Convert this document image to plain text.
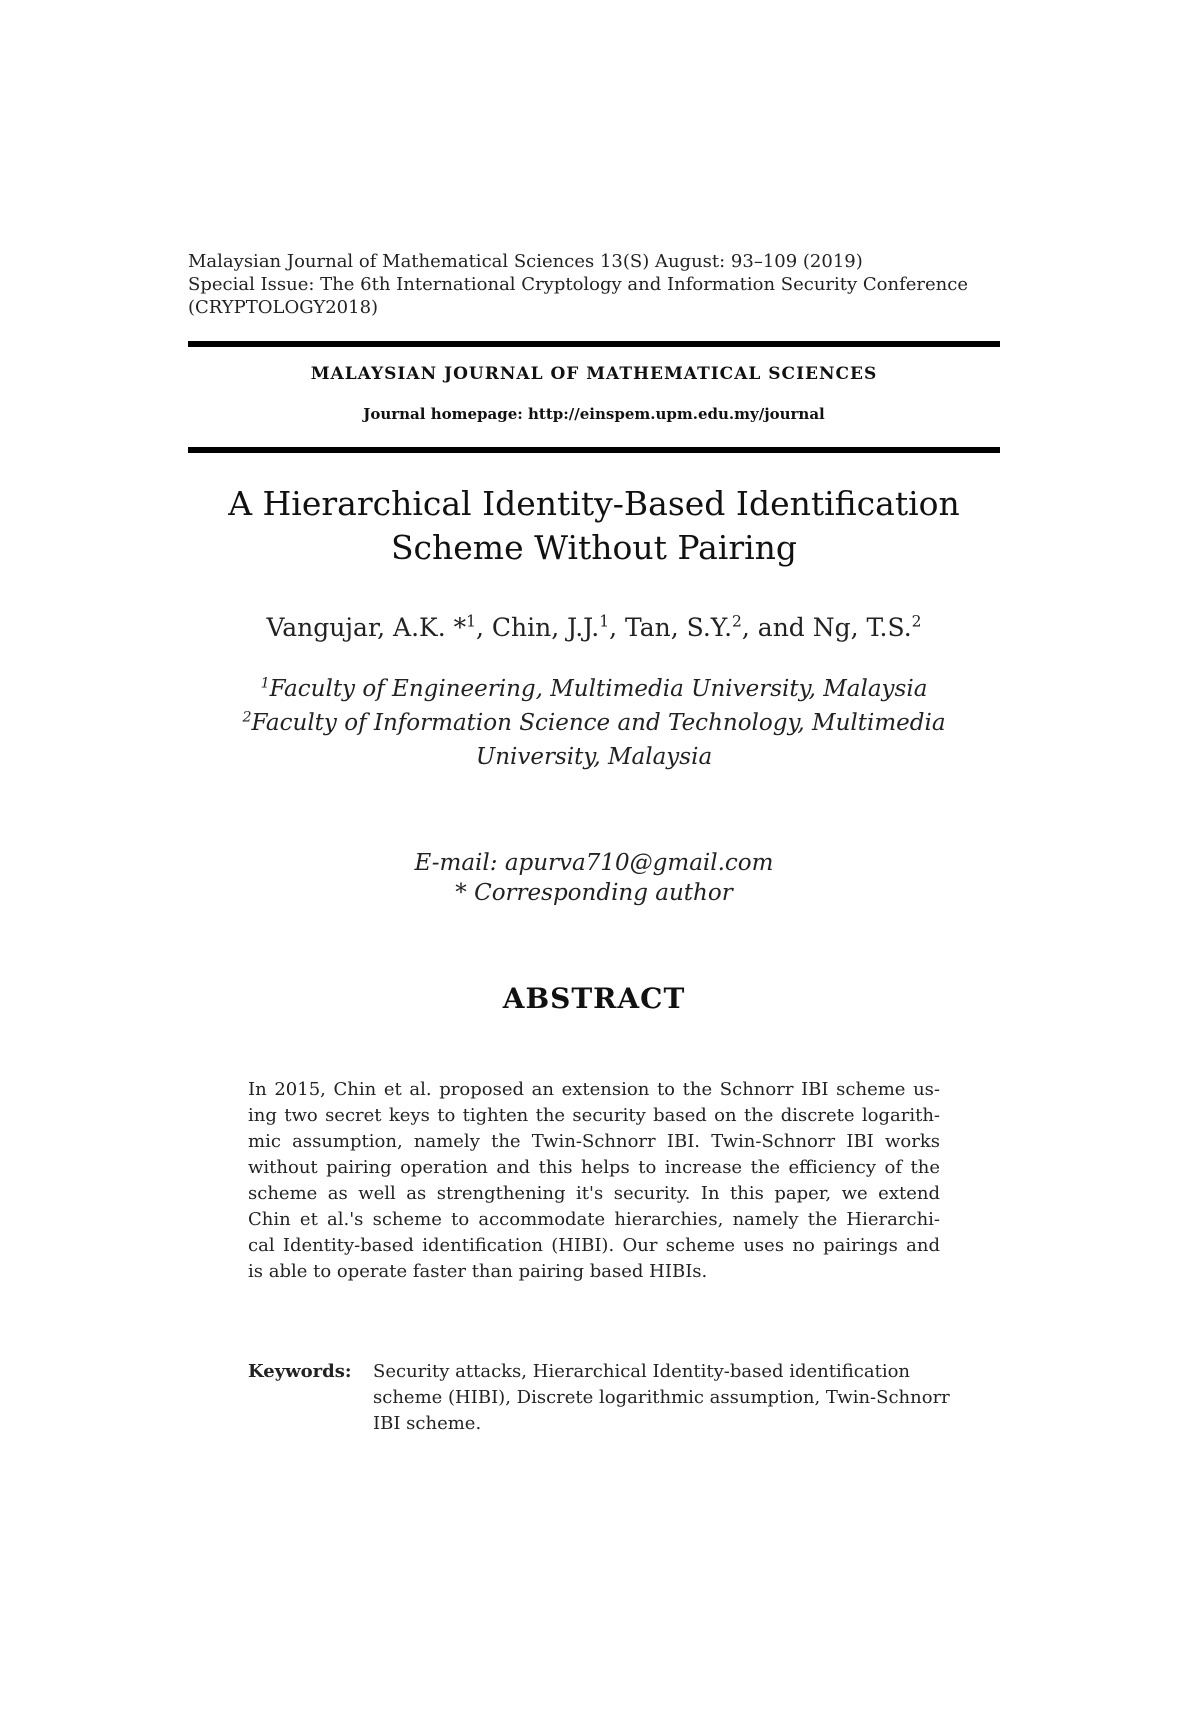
Malaysian Journal of Mathematical Sciences 13(S) August: 93–109 (2019)
Special Issue: The 6th International Cryptology and Information Security Conference
(CRYPTOLOGY2018)
MALAYSIAN JOURNAL OF MATHEMATICAL SCIENCES
Journal homepage: http://einspem.upm.edu.my/journal
A Hierarchical Identity-Based Identification
Scheme Without Pairing
Vangujar, A.K. *$^1$, Chin, J.J.$^1$, Tan, S.Y.$^2$, and Ng, T.S.$^2$
$^1$Faculty of Engineering, Multimedia University, Malaysia
$^2$Faculty of Information Science and Technology, Multimedia
University, Malaysia
E-mail: apurva710@gmail.com
* Corresponding author
ABSTRACT
In 2015, Chin et al. proposed an extension to the Schnorr IBI scheme us-
ing two secret keys to tighten the security based on the discrete logarith-
mic assumption, namely the Twin-Schnorr IBI. Twin-Schnorr IBI works
without pairing operation and this helps to increase the efficiency of the
scheme as well as strengthening it's security. In this paper, we extend
Chin et al.'s scheme to accommodate hierarchies, namely the Hierarchi-
cal Identity-based identification (HIBI). Our scheme uses no pairings and
is able to operate faster than pairing based HIBIs.
Keywords: Security attacks, Hierarchical Identity-based identification
scheme (HIBI), Discrete logarithmic assumption, Twin-Schnorr
IBI scheme.
